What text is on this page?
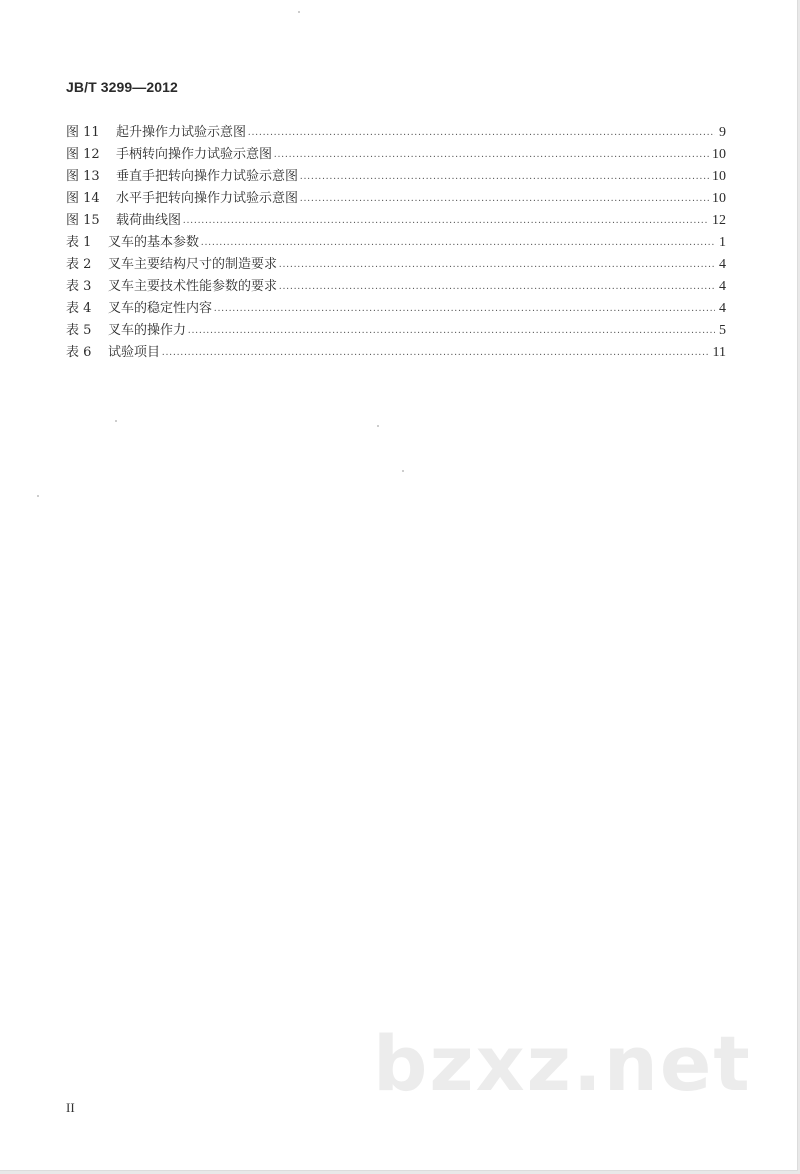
JB/T 3299—2012
图 11	起升操作力试验示意图 .....	9
图 12	手柄转向操作力试验示意图 .....	10
图 13	垂直手把转向操作力试验示意图 .....	10
图 14	水平手把转向操作力试验示意图 .....	10
图 15	载荷曲线图 .....	12
表 1	叉车的基本参数 .....	1
表 2	叉车主要结构尺寸的制造要求 .....	4
表 3	叉车主要技术性能参数的要求 .....	4
表 4	叉车的稳定性内容 .....	4
表 5	叉车的操作力 .....	5
表 6	试验项目 .....	11
bzxz.net
II
